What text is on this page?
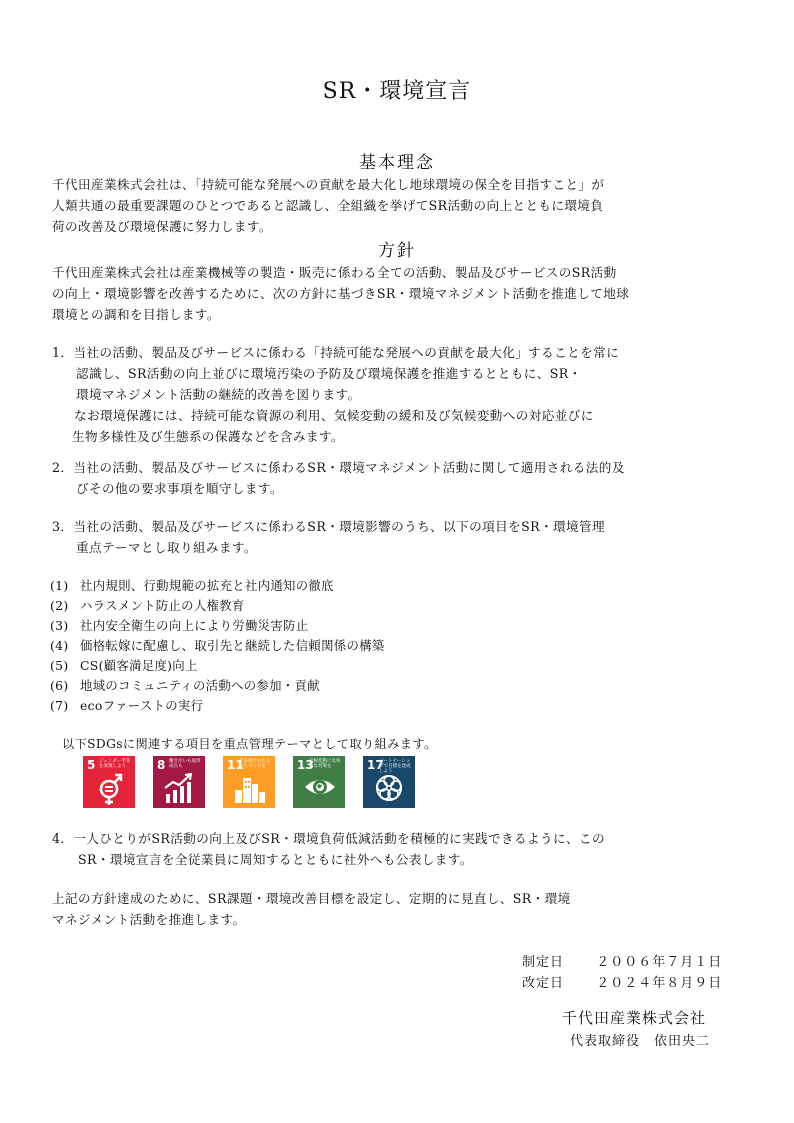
SR・環境宣言
基本理念
千代田産業株式会社は、「持続可能な発展への貢献を最大化し地球環境の保全を目指すこと」が
人類共通の最重要課題のひとつであると認識し、全組織を挙げてSR活動の向上とともに環境負
荷の改善及び環境保護に努力します。
方針
千代田産業株式会社は産業機械等の製造・販売に係わる全ての活動、製品及びサービスのSR活動
の向上・環境影響を改善するために、次の方針に基づきSR・環境マネジメント活動を推進して地球
環境との調和を目指します。
1．当社の活動、製品及びサービスに係わる「持続可能な発展への貢献を最大化」することを常に
認識し、SR活動の向上並びに環境汚染の予防及び環境保護を推進するとともに、SR・
環境マネジメント活動の継続的改善を図ります。
なお環境保護には、持続可能な資源の利用、気候変動の緩和及び気候変動への対応並びに
生物多様性及び生態系の保護などを含みます。
2．当社の活動、製品及びサービスに係わるSR・環境マネジメント活動に関して適用される法的及
びその他の要求事項を順守します。
3．当社の活動、製品及びサービスに係わるSR・環境影響のうち、以下の項目をSR・環境管理
重点テーマとし取り組みます。
(1) 社内規則、行動規範の拡充と社内通知の徹底
(2) ハラスメント防止の人権教育
(3) 社内安全衛生の向上により労働災害防止
(4) 価格転嫁に配慮し、取引先と継続した信頼関係の構築
(5) CS(顧客満足度)向上
(6) 地域のコミュニティの活動への参加・貢献
(7) ecoファーストの実行
以下SDGsに関連する項目を重点管理テーマとして取り組みます。
5 ジェンダー平等を実現しよう	8 働きがいも経済成長も	11
住み続けられるまちづくりを	13
気候変動に具体的な対策を	17
パートナーシップで目標を達成しよう
4．一人ひとりがSR活動の向上及びSR・環境負荷低減活動を積極的に実践できるように、この
SR・環境宣言を全従業員に周知するとともに社外へも公表します。
上記の方針達成のために、SR課題・環境改善目標を設定し、定期的に見直し、SR・環境
マネジメント活動を推進します。
制定日 ２００６年７月１日
改定日 ２０２４年８月９日
千代田産業株式会社
代表取締役　依田央二
